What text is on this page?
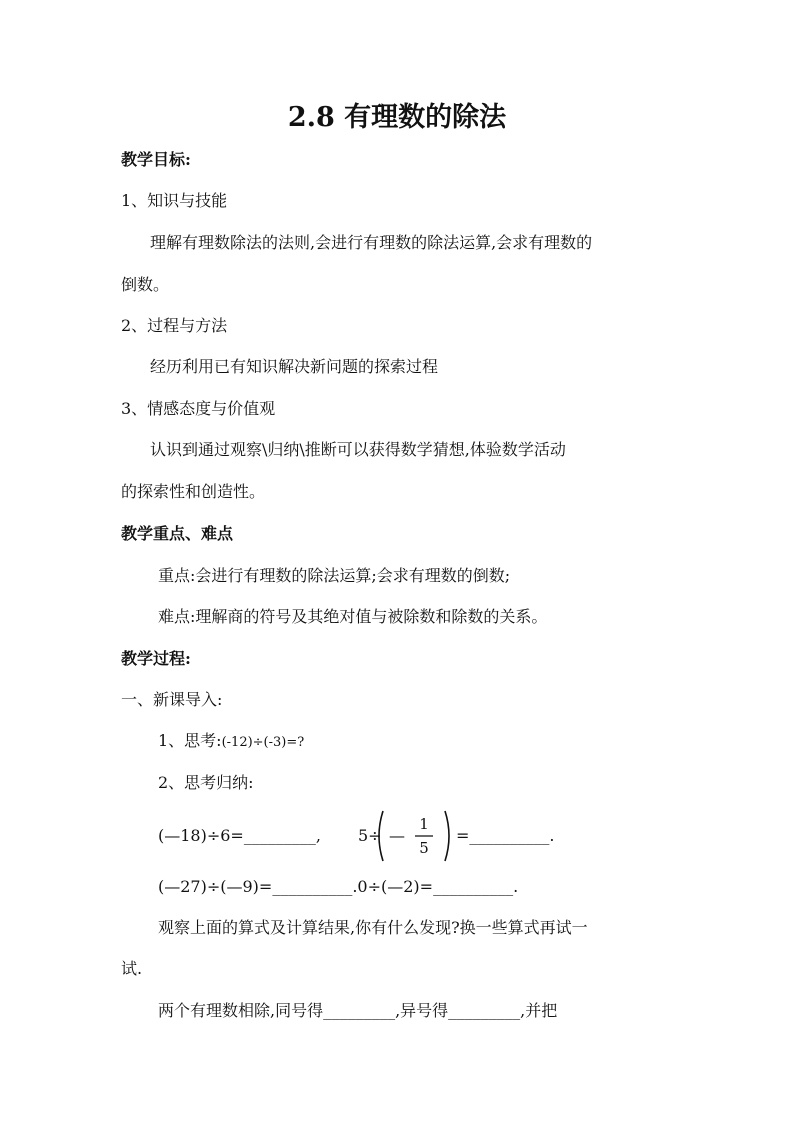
2.8 有理数的除法
教学目标:
1、知识与技能
理解有理数除法的法则,会进行有理数的除法运算,会求有理数的
倒数。
2、过程与方法
经历利用已有知识解决新问题的探索过程
3、情感态度与价值观
认识到通过观察\归纳\推断可以获得数学猜想,体验数学活动
的探索性和创造性。
教学重点、难点
重点:会进行有理数的除法运算;会求有理数的倒数;
难点:理解商的符号及其绝对值与被除数和除数的关系。
教学过程:
一、新课导入:
1、思考:(-12)÷(-3)=?
2、思考归纳:
(—18)÷6=_________, 5÷ —
1
5
=__________.
(—27)÷(—9)=__________.0÷(—2)=__________.
观察上面的算式及计算结果,你有什么发现?换一些算式再试一
试.
两个有理数相除,同号得_________,异号得_________,并把
